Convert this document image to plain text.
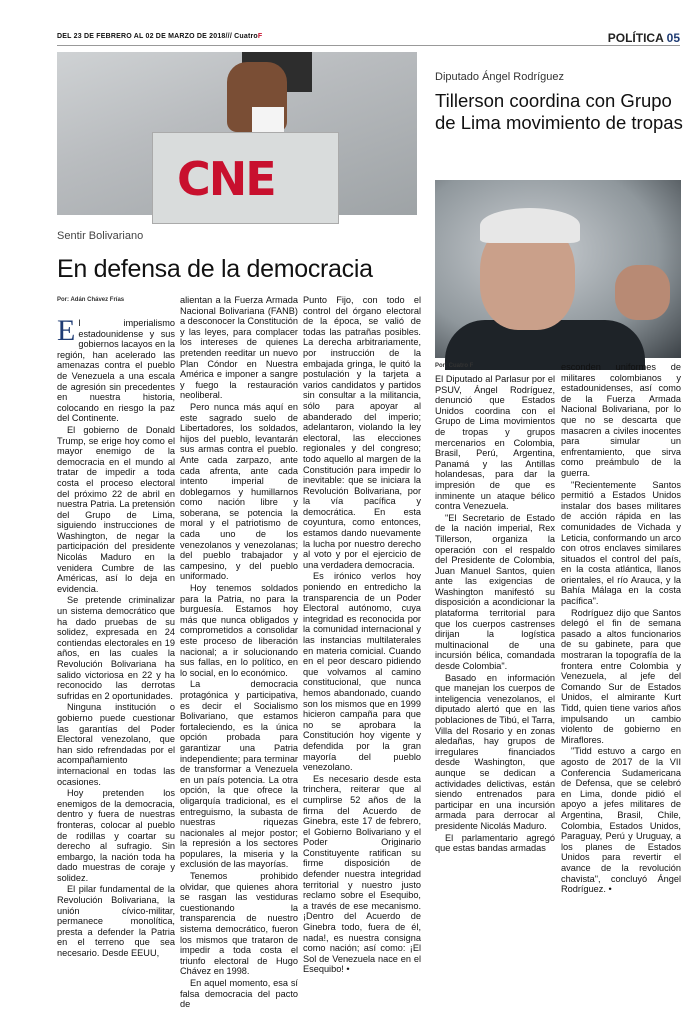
DEL 23 DE FEBRERO AL 02 DE MARZO DE 2018/// CuatroF	POLÍTICA 05
CNE
Sentir Bolivariano
En defensa de la democracia
Por: Adán Chávez Frías

El imperialismo estadounidense y sus gobiernos lacayos en la región, han acelerado las amenazas contra el pueblo de Venezuela a una escala de agresión sin precedentes en nuestra historia, colocando en riesgo la paz del Continente.

El gobierno de Donald Trump, se erige hoy como el mayor enemigo de la democracia en el mundo al tratar de impedir a toda costa el proceso electoral del próximo 22 de abril en nuestra Patria. La pretensión del Grupo de Lima, siguiendo instrucciones de Washington, de negar la participación del presidente Nicolás Maduro en la venidera Cumbre de las Américas, así lo deja en evidencia.

Se pretende criminalizar un sistema democrático que ha dado pruebas de su solidez, expresada en 24 contiendas electorales en 19 años, en las cuales la Revolución Bolivariana ha salido victoriosa en 22 y ha reconocido las derrotas sufridas en 2 oportunidades.

Ninguna institución o gobierno puede cuestionar las garantías del Poder Electoral venezolano, que han sido refrendadas por el acompañamiento internacional en todas las ocasiones.

Hoy pretenden los enemigos de la democracia, dentro y fuera de nuestras fronteras, colocar al pueblo de rodillas y coartar su derecho al sufragio. Sin embargo, la nación toda ha dado muestras de coraje y solidez.

El pilar fundamental de la Revolución Bolivariana, la unión cívico-militar, permanece monolítica, presta a defender la Patria en el terreno que sea necesario. Desde EEUU,

alientan a la Fuerza Armada Nacional Bolivariana (FANB) a desconocer la Constitución y las leyes, para complacer los intereses de quienes pretenden reeditar un nuevo Plan Cóndor en Nuestra América e imponer a sangre y fuego la restauración neoliberal.

Pero nunca más aquí en este sagrado suelo de Libertadores, los soldados, hijos del pueblo, levantarán sus armas contra el pueblo. Ante cada zarpazo, ante cada afrenta, ante cada intento imperial de doblegarnos y humillarnos como nación libre y soberana, se potencia la moral y el patriotismo de cada uno de los venezolanos y venezolanas; del pueblo trabajador y campesino, y del pueblo uniformado.

Hoy tenemos soldados para la Patria, no para la burguesía. Estamos hoy más que nunca obligados y comprometidos a consolidar este proceso de liberación nacional; a ir solucionando sus fallas, en lo político, en lo social, en lo económico.

La democracia protagónica y participativa, es decir el Socialismo Bolivariano, que estamos fortaleciendo, es la única opción probada para garantizar una Patria independiente; para terminar de transformar a Venezuela en un país potencia. La otra opción, la que ofrece la oligarquía tradicional, es el entreguismo, la subasta de nuestras riquezas nacionales al mejor postor; la represión a los sectores populares, la miseria y la exclusión de las mayorías.

Tenemos prohibido olvidar, que quienes ahora se rasgan las vestiduras cuestionando la transparencia de nuestro sistema democrático, fueron los mismos que trataron de impedir a toda costa el triunfo electoral de Hugo Chávez en 1998.

En aquel momento, esa sí falsa democracia del pacto de

Punto Fijo, con todo el control del órgano electoral de la época, se valió de todas las patrañas posibles. La derecha arbitrariamente, por instrucción de la embajada gringa, le quitó la postulación y la tarjeta a varios candidatos y partidos sin consultar a la militancia, sólo para apoyar al abanderado del imperio; adelantaron, violando la ley electoral, las elecciones regionales y del congreso; todo aquello al margen de la Constitución para impedir lo inevitable: que se iniciara la Revolución Bolivariana, por la vía pacífica y democrática. En esta coyuntura, como entonces, estamos dando nuevamente la lucha por nuestro derecho al voto y por el ejercicio de una verdadera democracia.

Es irónico verlos hoy poniendo en entredicho la transparencia de un Poder Electoral autónomo, cuya integridad es reconocida por la comunidad internacional y las instancias multilaterales en materia comicial. Cuando en el peor descaro pidiendo que volvamos al camino constitucional, que nunca hemos abandonado, cuando son los mismos que en 1999 hicieron campaña para que no se aprobara la Constitución hoy vigente y defendida por la gran mayoría del pueblo venezolano.

Es necesario desde esta trinchera, reiterar que al cumplirse 52 años de la firma del Acuerdo de Ginebra, este 17 de febrero, el Gobierno Bolivariano y el Poder Originario Constituyente ratifican su firme disposición de defender nuestra integridad territorial y nuestro justo reclamo sobre el Esequibo, a través de ese mecanismo. ¡Dentro del Acuerdo de Ginebra todo, fuera de él, nada!, es nuestra consigna como nación; así como: ¡El Sol de Venezuela nace en el Esequibo! •

Diputado Ángel Rodríguez
Tillerson coordina con Grupo de Lima movimiento de tropas
Por: Cuatro F

El Diputado al Parlasur por el PSUV, Ángel Rodríguez, denunció que Estados Unidos coordina con el Grupo de Lima movimientos de tropas y grupos mercenarios en Colombia, Brasil, Perú, Argentina, Panamá y las Antillas holandesas, para dar la impresión de que es inminente un ataque bélico contra Venezuela.

"El Secretario de Estado de la nación imperial, Rex Tillerson, organiza la operación con el respaldo del Presidente de Colombia, Juan Manuel Santos, quien ante las exigencias de Washington manifestó su disposición a acondicionar la plataforma territorial para que los cuerpos castrenses dirijan la logística multinacional de una incursión bélica, comandada desde Colombia".

Basado en información que manejan los cuerpos de inteligencia venezolanos, el diputado alertó que en las poblaciones de Tibú, el Tarra, Villa del Rosario y en zonas aledañas, hay grupos de irregulares financiados desde Washington, que aunque se dedican a actividades delictivas, están siendo entrenados para participar en una incursión armada para derrocar al presidente Nicolás Maduro.

El parlamentario agregó que estas bandas armadas

esconden uniformes de militares colombianos y estadounidenses, así como de la Fuerza Armada Nacional Bolivariana, por lo que no se descarta que masacren a civiles inocentes para simular un enfrentamiento, que sirva como preámbulo de la guerra.

"Recientemente Santos permitió a Estados Unidos instalar dos bases militares de acción rápida en las comunidades de Vichada y Leticia, conformando un arco con otros enclaves similares situados el control del país, en la costa atlántica, llanos orientales, el río Arauca, y la Bahía Málaga en la costa pacífica".

Rodríguez dijo que Santos delegó el fin de semana pasado a altos funcionarios de su gabinete, para que mostraran la topografía de la frontera entre Colombia y Venezuela, al jefe del Comando Sur de Estados Unidos, el almirante Kurt Tidd, quien tiene varios años impulsando un cambio violento de gobierno en Miraflores.

"Tidd estuvo a cargo en agosto de 2017 de la VII Conferencia Sudamericana de Defensa, que se celebró en Lima, donde pidió el apoyo a jefes militares de Argentina, Brasil, Chile, Colombia, Estados Unidos, Paraguay, Perú y Uruguay, a los planes de Estados Unidos para revertir el avance de la revolución chavista", concluyó Ángel Rodríguez. •
